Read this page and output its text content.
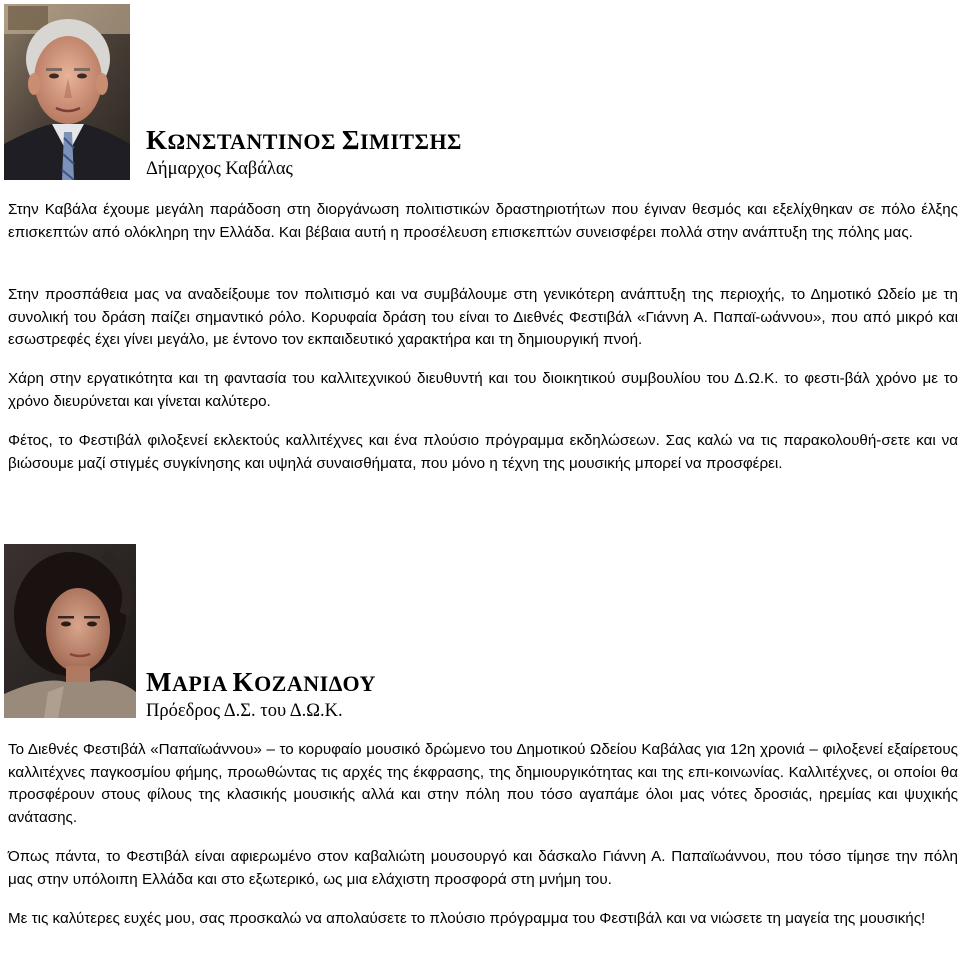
ΚΩΝΣΤΑΝΤΙΝΟΣ ΣΙΜΙΤΣΗΣ
Δήμαρχος Καβάλας

Στην Καβάλα έχουμε μεγάλη παράδοση στη διοργάνωση πολιτιστικών δραστηριοτήτων που έγιναν θεσμός και εξελίχθηκαν σε πόλο έλξης επισκεπτών από ολόκληρη την Ελλάδα. Και βέβαια αυτή η προσέλευση επισκεπτών συνεισφέρει πολλά στην ανάπτυξη της πόλης μας.

Στην προσπάθεια μας να αναδείξουμε τον πολιτισμό και να συμβάλουμε στη γενικότερη ανάπτυξη της περιοχής, το Δημοτικό Ωδείο με τη συνολική του δράση παίζει σημαντικό ρόλο. Κορυφαία δράση του είναι το Διεθνές Φεστιβάλ «Γιάννη Α. Παπαϊ-ωάννου», που από μικρό και εσωστρεφές έχει γίνει μεγάλο, με έντονο τον εκπαιδευτικό χαρακτήρα και τη δημιουργική πνοή.

Χάρη στην εργατικότητα και τη φαντασία του καλλιτεχνικού διευθυντή και του διοικητικού συμβουλίου του Δ.Ω.Κ. το φεστι-βάλ χρόνο με το χρόνο διευρύνεται και γίνεται καλύτερο.

Φέτος, το Φεστιβάλ φιλοξενεί εκλεκτούς καλλιτέχνες και ένα πλούσιο πρόγραμμα εκδηλώσεων. Σας καλώ να τις παρακολουθή-σετε και να βιώσουμε μαζί στιγμές συγκίνησης και υψηλά συναισθήματα, που μόνο η τέχνη της μουσικής μπορεί να προσφέρει.

ΜΑΡΙΑ ΚΟΖΑΝΙΔΟΥ
Πρόεδρος Δ.Σ. του Δ.Ω.Κ.

Το Διεθνές Φεστιβάλ «Παπαϊωάννου» – το κορυφαίο μουσικό δρώμενο του Δημοτικού Ωδείου Καβάλας για 12η χρονιά – φιλοξενεί εξαίρετους καλλιτέχνες παγκοσμίου φήμης, προωθώντας τις αρχές της έκφρασης, της δημιουργικότητας και της επι-κοινωνίας. Καλλιτέχνες, οι οποίοι θα προσφέρουν στους φίλους της κλασικής μουσικής αλλά και στην πόλη που τόσο αγαπάμε όλοι μας νότες δροσιάς, ηρεμίας και ψυχικής ανάτασης.

Όπως πάντα, το Φεστιβάλ είναι αφιερωμένο στον καβαλιώτη μουσουργό και δάσκαλο Γιάννη Α. Παπαϊωάννου, που τόσο τίμησε την πόλη μας στην υπόλοιπη Ελλάδα και στο εξωτερικό, ως μια ελάχιστη προσφορά στη μνήμη του.

Με τις καλύτερες ευχές μου, σας προσκαλώ να απολαύσετε το πλούσιο πρόγραμμα του Φεστιβάλ και να νιώσετε τη μαγεία της μουσικής!
